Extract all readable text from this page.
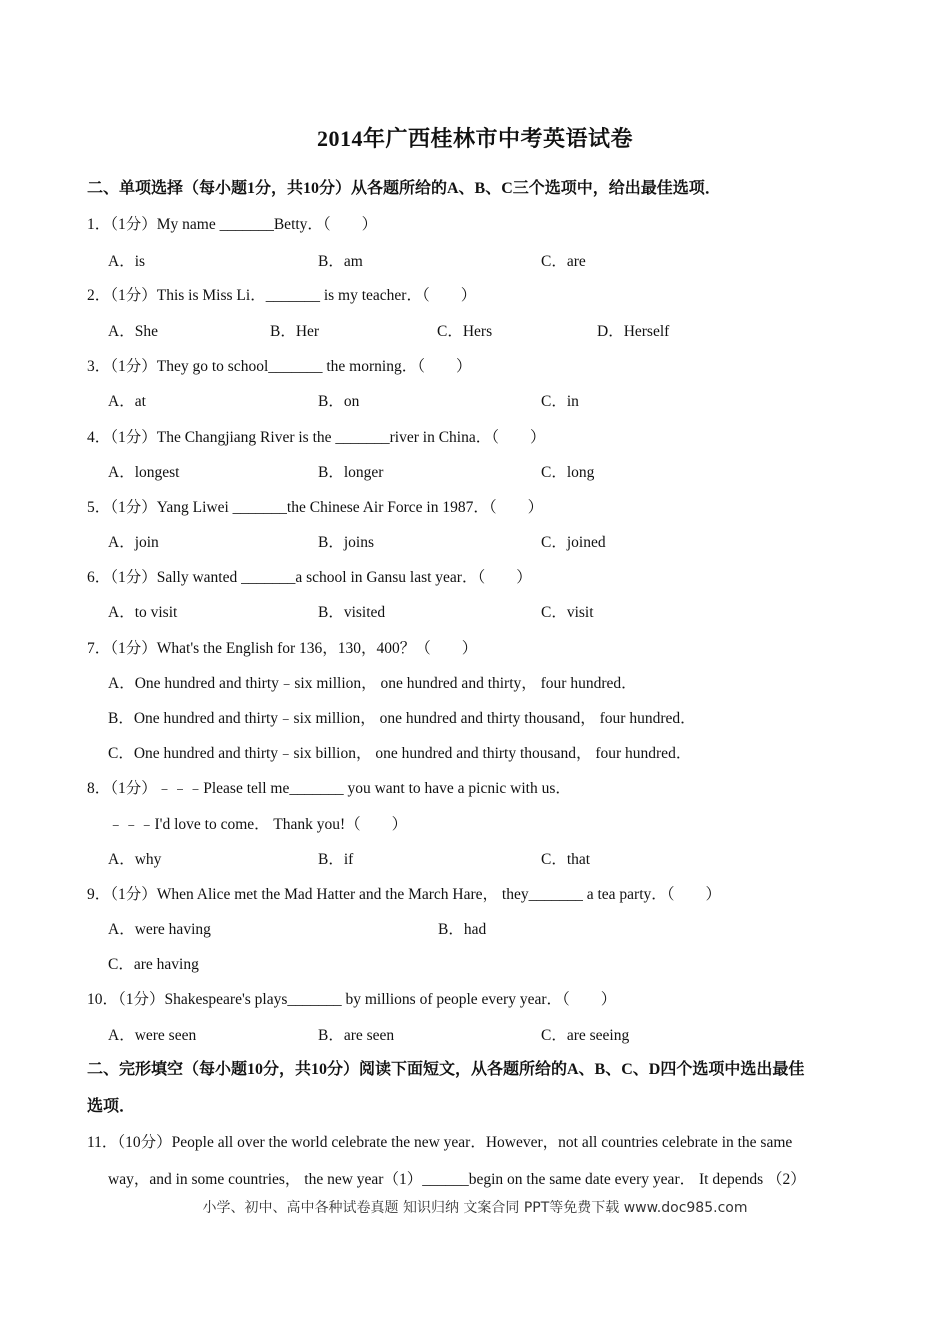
2014年广西桂林市中考英语试卷
二、单项选择（每小题1分，共10分）从各题所给的A、B、C三个选项中，给出最佳选项．
1．（1分）My name _______Betty．（　　）
A．is	B．am	C．are
2．（1分）This is Miss Li．_______ is my teacher．（　　）
A．She	B．Her	C．Hers	D．Herself
3．（1分）They go to school_______ the morning．（　　）
A．at	B．on	C．in
4．（1分）The Changjiang River is the _______river in China．（　　）
A．longest	B．longer	C．long
5．（1分）Yang Liwei _______the Chinese Air Force in 1987．（　　）
A．join	B．joins	C．joined
6．（1分）Sally wanted _______a school in Gansu last year．（　　）
A．to visit	B．visited	C．visit
7．（1分）What's the English for 136，130，400？（　　）
A．One hundred and thirty﹣six million， one hundred and thirty， four hundred．
B．One hundred and thirty﹣six million， one hundred and thirty thousand， four hundred．
C．One hundred and thirty﹣six billion， one hundred and thirty thousand， four hundred．
8．（1分）﹣﹣﹣Please tell me_______ you want to have a picnic with us．
﹣﹣﹣I'd love to come． Thank you!（　　）
A．why	B．if	C．that
9．（1分）When Alice met the Mad Hatter and the March Hare， they_______ a tea party．（　　）
A．were having	B．had
C．are having
10．（1分）Shakespeare's plays_______ by millions of people every year．（　　）
A．were seen	B．are seen	C．are seeing
二、完形填空（每小题10分，共10分）阅读下面短文，从各题所给的A、B、C、D四个选项中选出最佳
选项．
11．（10分）People all over the world celebrate the new year．However，not all countries celebrate in the same
way，and in some countries， the new year（1）______begin on the same date every year． It depends （2）
小学、初中、高中各种试卷真题 知识归纳 文案合同 PPT等免费下载 www.doc985.com
